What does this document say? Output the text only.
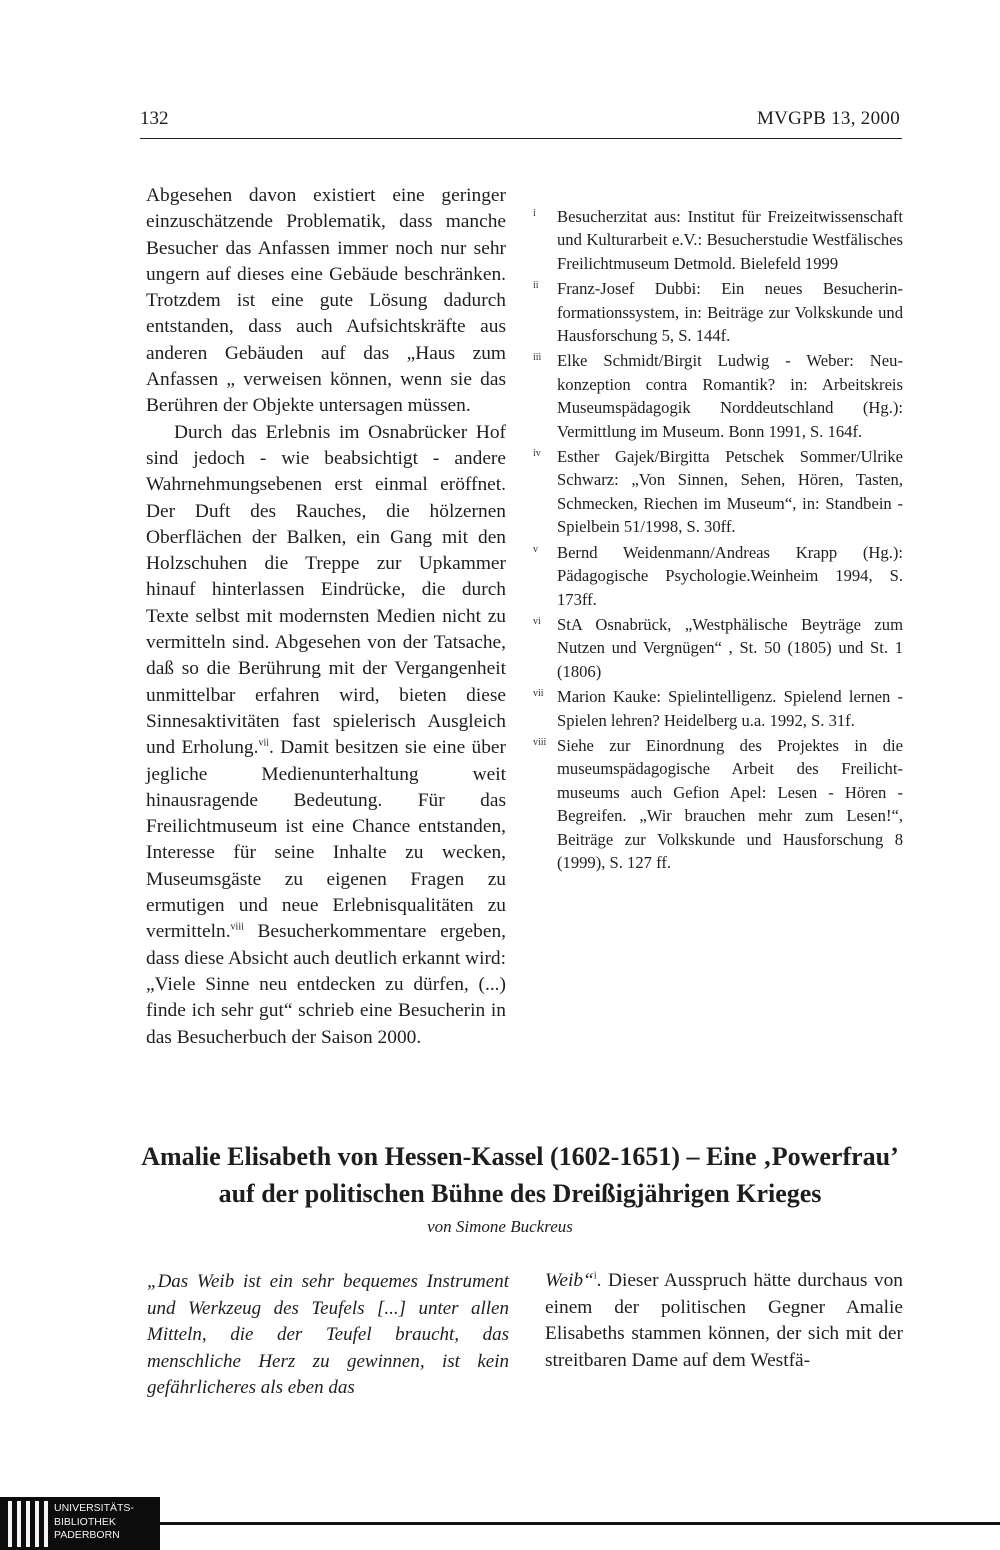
132	MVGPB 13, 2000

Abgesehen davon existiert eine geringer einzuschätzende Problematik, dass manche Besucher das Anfassen immer noch nur sehr ungern auf dieses eine Gebäude beschränken. Trotzdem ist eine gute Lösung dadurch entstanden, dass auch Aufsichtskräfte aus anderen Gebäuden auf das „Haus zum Anfassen „ verweisen können, wenn sie das Berühren der Objekte untersagen müssen.

Durch das Erlebnis im Osnabrücker Hof sind jedoch - wie beabsichtigt - andere Wahrnehmungsebenen erst einmal eröffnet. Der Duft des Rauches, die hölzernen Oberflächen der Balken, ein Gang mit den Holzschuhen die Treppe zur Upkammer hinauf hinterlassen Eindrücke, die durch Texte selbst mit modernsten Medien nicht zu vermitteln sind. Abgesehen von der Tatsache, daß so die Berührung mit der Vergangenheit unmittelbar erfahren wird, bieten diese Sinnesaktivitäten fast spielerisch Ausgleich und Erholung.$^{vii}$. Damit besitzen sie eine über jegliche Medienunterhaltung weit hinausragende Bedeutung. Für das Freilichtmuseum ist eine Chance entstanden, Interesse für seine Inhalte zu wecken, Museumsgäste zu eigenen Fragen zu ermutigen und neue Erlebnisqualitäten zu vermitteln.$^{viii}$ Besucherkommentare ergeben, dass diese Absicht auch deutlich erkannt wird: „Viele Sinne neu entdecken zu dürfen, (...) finde ich sehr gut“ schrieb eine Besucherin in das Besucherbuch der Saison 2000.

i	Besucherzitat aus: Institut für Freizeitwissenschaft und Kulturarbeit e.V.: Besucherstudie Westfälisches Freilichtmuseum Detmold. Bielefeld 1999
ii	Franz-Josef Dubbi: Ein neues Besucherinformationssystem, in: Beiträge zur Volkskunde und Hausforschung 5, S. 144f.
iii Elke Schmidt/Birgit Ludwig - Weber: Neukonzeption contra Romantik? in: Arbeitskreis Museumspädagogik Norddeutschland (Hg.): Vermittlung im Museum. Bonn 1991, S. 164f.
iv Esther Gajek/Birgitta Petschek Sommer/Ulrike Schwarz: „Von Sinnen, Sehen, Hören, Tasten, Schmecken, Riechen im Museum“, in: Standbein - Spielbein 51/1998, S. 30ff.
v	Bernd Weidenmann/Andreas Krapp (Hg.): Pädagogische Psychologie.Weinheim 1994, S. 173ff.
vi StA Osnabrück, „Westphälische Beyträge zum Nutzen und Vergnügen“ , St. 50 (1805) und St. 1 (1806)
vii Marion Kauke: Spielintelligenz. Spielend lernen - Spielen lehren? Heidelberg u.a. 1992, S. 31f.
viii Siehe zur Einordnung des Projektes in die museumspädagogische Arbeit des Freilichtmuseums auch Gefion Apel: Lesen - Hören - Begreifen. „Wir brauchen mehr zum Lesen!“, Beiträge zur Volkskunde und Hausforschung 8 (1999), S. 127 ff.
Amalie Elisabeth von Hessen-Kassel (1602-1651) – Eine ‚Powerfrau’
auf der politischen Bühne des Dreißigjährigen Krieges
von Simone Buckreus
„Das Weib ist ein sehr bequemes Instrument und Werkzeug des Teufels [...] unter allen Mitteln, die der Teufel braucht, das menschliche Herz zu gewinnen, ist kein gefährlicheres als eben das
Weib“$^i$. Dieser Ausspruch hätte durchaus von einem der politischen Gegner Amalie Elisabeths stammen können, der sich mit der streitbaren Dame auf dem Westfä-
UNIVERSITÄTS-
BIBLIOTHEK
PADERBORN
